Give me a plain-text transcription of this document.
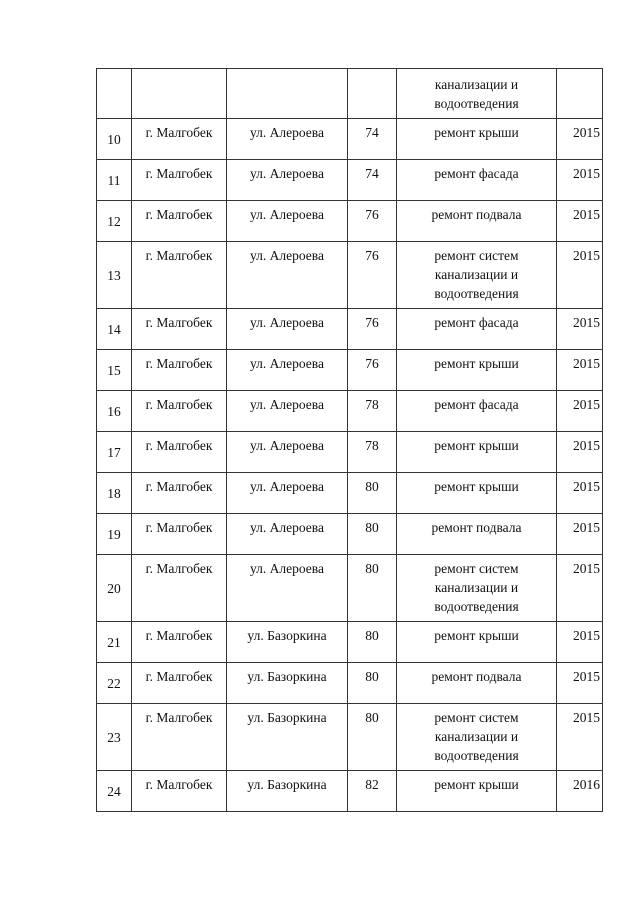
				канализации и
водоотведения	

10	г. Малгобек	ул. Алероева	74	ремонт крыши	2015

11	г. Малгобек	ул. Алероева	74	ремонт фасада	2015

12	г. Малгобек	ул. Алероева	76	ремонт подвала	2015

13	г. Малгобек	ул. Алероева	76	ремонт систем
канализации и
водоотведения	2015

14	г. Малгобек	ул. Алероева	76	ремонт фасада	2015

15	г. Малгобек	ул. Алероева	76	ремонт крыши	2015

16	г. Малгобек	ул. Алероева	78	ремонт фасада	2015

17	г. Малгобек	ул. Алероева	78	ремонт крыши	2015

18	г. Малгобек	ул. Алероева	80	ремонт крыши	2015

19	г. Малгобек	ул. Алероева	80	ремонт подвала	2015

20	г. Малгобек	ул. Алероева	80	ремонт систем
канализации и
водоотведения	2015

21	г. Малгобек	ул. Базоркина	80	ремонт крыши	2015

22	г. Малгобек	ул. Базоркина	80	ремонт подвала	2015

23	г. Малгобек	ул. Базоркина	80	ремонт систем
канализации и
водоотведения	2015

24	г. Малгобек	ул. Базоркина	82	ремонт крыши	2016
